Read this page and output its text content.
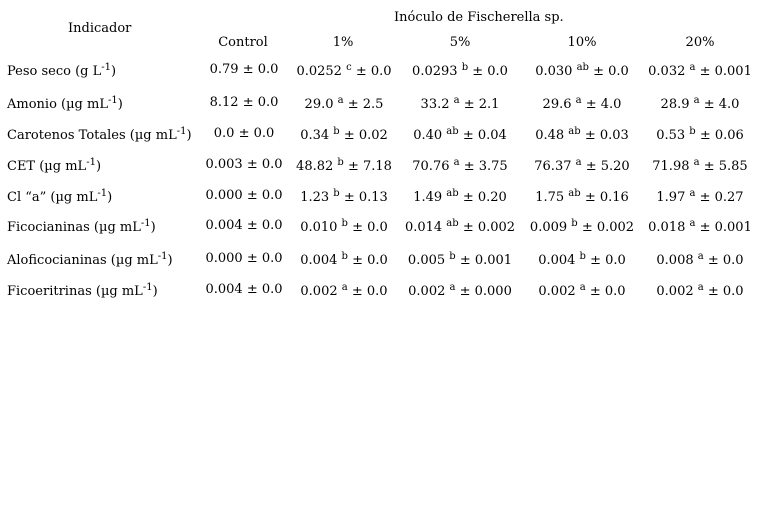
Indicador
Inóculo de Fischerella sp.
Control	1%	5%	10%	20%
Peso seco (g $L^{-1}$)	0.79 ± 0.0	0.0252 $^c$ ± 0.0	0.0293 $^b$ ± 0.0	0.030 $^{ab}$ ± 0.0	0.032 $^a$ ± 0.001
Amonio (µg $mL^{-1}$)	8.12 ± 0.0	29.0 $^a$ ± 2.5	33.2 $^a$ ± 2.1	29.6 $^a$ ± 4.0	28.9 $^a$ ± 4.0
Carotenos Totales (µg $mL^{-1}$)	0.0 ± 0.0	0.34 $^b$ ± 0.02	0.40 $^{ab}$ ± 0.04	0.48 $^{ab}$ ± 0.03	0.53 $^b$ ± 0.06
CET (µg $mL^{-1}$)	0.003 ± 0.0	48.82 $^b$ ± 7.18	70.76 $^a$ ± 3.75	76.37 $^a$ ± 5.20	71.98 $^a$ ± 5.85
Cl “a” (µg $mL^{-1}$)	0.000 ± 0.0	1.23 $^b$ ± 0.13	1.49 $^{ab}$ ± 0.20	1.75 $^{ab}$ ± 0.16	1.97 $^a$ ± 0.27
Ficocianinas (µg $mL^{-1}$)	0.004 ± 0.0	0.010 $^b$ ± 0.0	0.014 $^{ab}$ ± 0.002	0.009 $^b$ ± 0.002	0.018 $^a$ ± 0.001
Aloficocianinas (µg $mL^{-1}$)	0.000 ± 0.0	0.004 $^b$ ± 0.0	0.005 $^b$ ± 0.001	0.004 $^b$ ± 0.0	0.008 $^a$ ± 0.0
Ficoeritrinas (µg $mL^{-1}$)	0.004 ± 0.0	0.002 $^a$ ± 0.0	0.002 $^a$ ± 0.000	0.002 $^a$ ± 0.0	0.002 $^a$ ± 0.0
